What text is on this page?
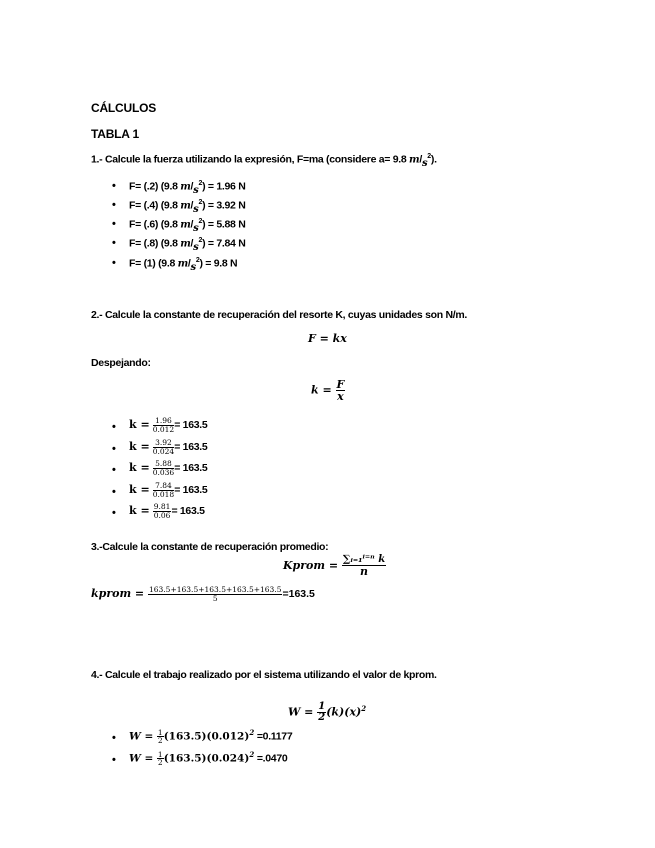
CÁLCULOS
TABLA 1
1.- Calcule la fuerza utilizando la expresión, F=ma (considere a= 9.8 $m/s^2$).
• F= (.2) (9.8 $m/s^2) = 1.96$ N
• F= (.4) (9.8 $m/s^2) = 3.92$ N
• F= (.6) (9.8 $m/s^2) = 5.88$ N
• F= (.8) (9.8 $m/s^2) = 7.84$ N
• F= (1) (9.8 $m/s^2) = 9.8$ N
2.- Calcule la constante de recuperación del resorte K, cuyas unidades son N/m.
F = kx
Despejando:
$k = \frac{F}{x}$
• $k = \frac{1.96}{0.012} = 163.5$
• $k = \frac{3.92}{0.024} = 163.5$
• $k = \frac{5.88}{0.036} = 163.5$
• $k = \frac{7.84}{0.018} = 163.5$
• $k = \frac{9.81}{0.06} = 163.5$
3.-Calcule la constante de recuperación promedio:
Kprom = $\frac{\text{∑ᵢ₌₁ⁱ⁼ⁿ k}}{n}$
kprom = $\frac{163.5+163.5+163.5+163.5+163.5}{5} =163.5$
4.- Calcule el trabajo realizado por el sistema utilizando el valor de kprom.
$W = \frac{1}{2} (k)(x)^2$
• $W = \frac{1}{2} (163.5)(0.012)^2 =0.1177$
• $W = \frac{1}{2} (163.5)(0.024)^2 =.0470$
